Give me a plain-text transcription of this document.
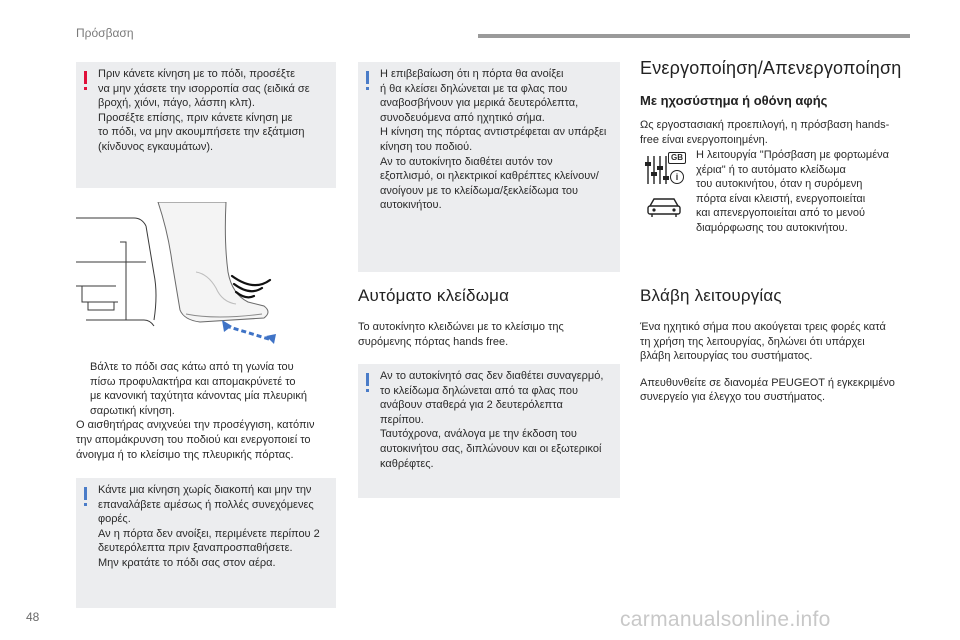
Πρόσβαση

Πριν κάνετε κίνηση με το πόδι, προσέξτε

να μην χάσετε την ισορροπία σας (ειδικά σε

βροχή, χιόνι, πάγο, λάσπη κλπ).

Προσέξτε επίσης, πριν κάνετε κίνηση με

το πόδι, να μην ακουμπήσετε την εξάτμιση

(κίνδυνος εγκαυμάτων).

Βάλτε το πόδι σας κάτω από τη γωνία του

πίσω προφυλακτήρα και απομακρύνετέ το

με κανονική ταχύτητα κάνοντας μία πλευρική

σαρωτική κίνηση.

Ο αισθητήρας ανιχνεύει την προσέγγιση, κατόπιν

την απομάκρυνση του ποδιού και ενεργοποιεί το

άνοιγμα ή το κλείσιμο της πλευρικής πόρτας.

Κάντε μια κίνηση χωρίς διακοπή και μην την

επαναλάβετε αμέσως ή πολλές συνεχόμενες

φορές.

Αν η πόρτα δεν ανοίξει, περιμένετε περίπου 2

δευτερόλεπτα πριν ξαναπροσπαθήσετε.

Μην κρατάτε το πόδι σας στον αέρα.

Η επιβεβαίωση ότι η πόρτα θα ανοίξει

ή θα κλείσει δηλώνεται με τα φλας που

αναβοσβήνουν για μερικά δευτερόλεπτα,

συνοδευόμενα από ηχητικό σήμα.

Η κίνηση της πόρτας αντιστρέφεται αν υπάρξει

κίνηση του ποδιού.

Αν το αυτοκίνητο διαθέτει αυτόν τον

εξοπλισμό, οι ηλεκτρικοί καθρέπτες κλείνουν/

ανοίγουν με το κλείδωμα/ξεκλείδωμα του

αυτοκινήτου.

Αυτόματο κλείδωμα

Το αυτοκίνητο κλειδώνει με το κλείσιμο της

συρόμενης πόρτας hands free.

Αν το αυτοκίνητό σας δεν διαθέτει συναγερμό,

το κλείδωμα δηλώνεται από τα φλας που

ανάβουν σταθερά για 2 δευτερόλεπτα

περίπου.

Ταυτόχρονα, ανάλογα με την έκδοση του

αυτοκινήτου σας, διπλώνουν και οι εξωτερικοί

καθρέφτες.

Ενεργοποίηση/Απενεργοποίηση
Με ηχοσύστημα ή οθόνη αφής

Ως εργοστασιακή προεπιλογή, η πρόσβαση hands-

free είναι ενεργοποιημένη.

GB
i

Η λειτουργία "Πρόσβαση με φορτωμένα

χέρια" ή το αυτόματο κλείδωμα

του αυτοκινήτου, όταν η συρόμενη

πόρτα είναι κλειστή, ενεργοποιείται

και απενεργοποιείται από το μενού

διαμόρφωσης του αυτοκινήτου.

Βλάβη λειτουργίας

Ένα ηχητικό σήμα που ακούγεται τρεις φορές κατά

τη χρήση της λειτουργίας, δηλώνει ότι υπάρχει

βλάβη λειτουργίας του συστήματος.

Απευθυνθείτε σε διανομέα PEUGEOT ή εγκεκριμένο

συνεργείο για έλεγχο του συστήματος.

48	carmanualsonline.info
